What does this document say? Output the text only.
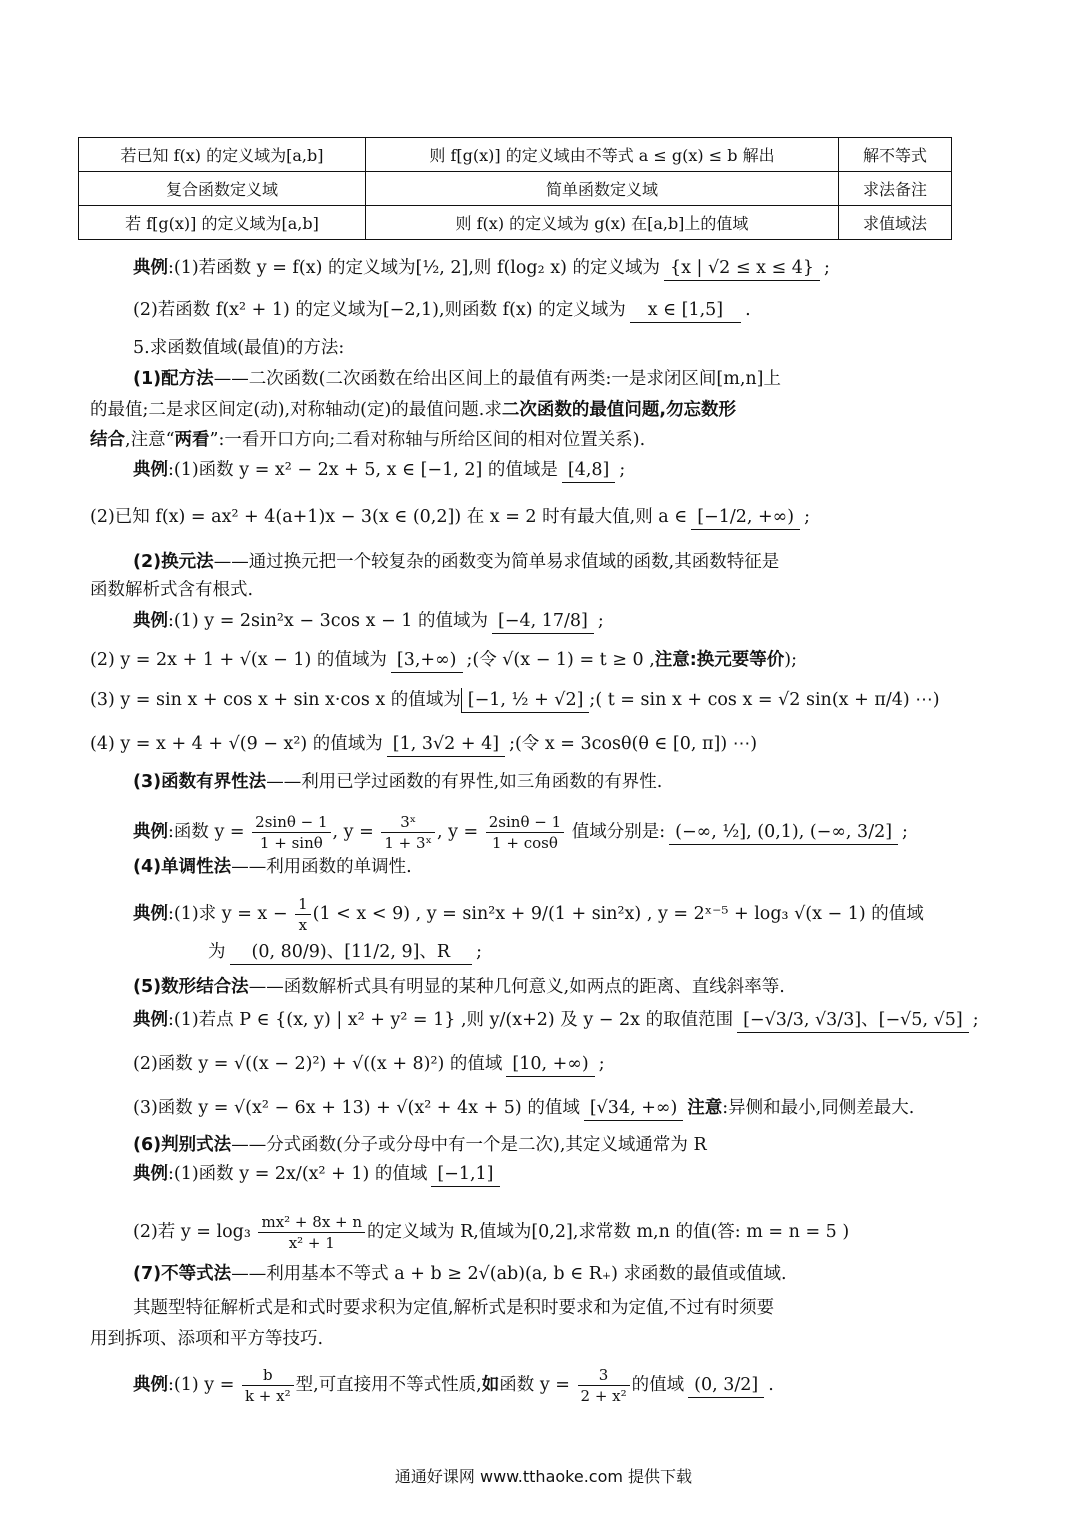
若已知 f(x) 的定义域为[a,b]	则 f[g(x)] 的定义域由不等式 a ≤ g(x) ≤ b 解出	解不等式
复合函数定义域	简单函数定义域	求法备注
若 f[g(x)] 的定义域为[a,b]	则 f(x) 的定义域为 g(x) 在[a,b]上的值域	求值域法
典例:(1)若函数 y = f(x) 的定义域为[½, 2],则 f(log₂ x) 的定义域为 {x | √2 ≤ x ≤ 4} ;
(2)若函数 f(x² + 1) 的定义域为[−2,1),则函数 f(x) 的定义域为 x ∈ [1,5] .
5.求函数值域(最值)的方法:
(1)配方法——二次函数(二次函数在给出区间上的最值有两类:一是求闭区间[m,n]上
的最值;二是求区间定(动),对称轴动(定)的最值问题.求二次函数的最值问题,勿忘数形
结合,注意“两看”:一看开口方向;二看对称轴与所给区间的相对位置关系).
典例:(1)函数 y = x² − 2x + 5, x ∈ [−1, 2] 的值域是 [4,8] ;
(2)已知 f(x) = ax² + 4(a+1)x − 3(x ∈ (0,2]) 在 x = 2 时有最大值,则 a ∈ [−1/2, +∞) ;
(2)换元法——通过换元把一个较复杂的函数变为简单易求值域的函数,其函数特征是
函数解析式含有根式.
典例:(1) y = 2sin²x − 3cos x − 1 的值域为 [−4, 17/8] ;
(2) y = 2x + 1 + √(x − 1) 的值域为 [3,+∞) ;(令 √(x − 1) = t ≥ 0 ,注意:换元要等价);
(3) y = sin x + cos x + sin x·cos x 的值域为 [−1, ½ + √2] ;( t = sin x + cos x = √2 sin(x + π/4) ⋯)
(4) y = x + 4 + √(9 − x²) 的值域为 [1, 3√2 + 4] ;(令 x = 3cosθ(θ ∈ [0, π]) ⋯)
(3)函数有界性法——利用已学过函数的有界性,如三角函数的有界性.
典例:函数 $y = \frac{2\sin\theta - 1}{1 + \sin\theta}$ , $y = \frac{\text{3ˣ}}{\text{1 + 3ˣ}}$ , $y = \frac{2\sin\theta - 1}{1 + \cos\theta}$ 值域分别是: (−∞, ½], (0,1), (−∞, 3/2] ;
(4)单调性法——利用函数的单调性.
典例:(1)求 $y = x - \frac{1}{x} (1 < x < 9)$ , y = sin²x + 9/(1 + sin²x) , y = 2ˣ⁻⁵ + log₃ √(x − 1) 的值域
为 (0, 80/9)、[11/2, 9]、R ;
(5)数形结合法——函数解析式具有明显的某种几何意义,如两点的距离、直线斜率等.
典例:(1)若点 P ∈ {(x, y) | x² + y² = 1} ,则 y/(x+2) 及 y − 2x 的取值范围 [−√3/3, √3/3]、[−√5, √5] ;
(2)函数 y = √((x − 2)²) + √((x + 8)²) 的值域 [10, +∞) ;
(3)函数 y = √(x² − 6x + 13) + √(x² + 4x + 5) 的值域 [√34, +∞) 注意:异侧和最小,同侧差最大.
(6)判别式法——分式函数(分子或分母中有一个是二次),其定义域通常为 R
典例:(1)函数 y = 2x/(x² + 1) 的值域 [−1,1]
(2)若 $y = \log_3 \frac{\text{mx² + 8x + n}}{\text{x² + 1}}$ 的定义域为 R,值域为[0,2],求常数 m,n 的值(答: m = n = 5 )
(7)不等式法——利用基本不等式 a + b ≥ 2√(ab)(a, b ∈ R₊) 求函数的最值或值域.
其题型特征解析式是和式时要求积为定值,解析式是积时要求和为定值,不过有时须要
用到拆项、添项和平方等技巧.
典例:(1) $y = \frac{b}{\text{k + x²}}$ 型,可直接用不等式性质,如函数 $y = \frac{3}{\text{2 + x²}}$ 的值域 (0, 3/2] .
通通好课网 www.tthaoke.com 提供下载
